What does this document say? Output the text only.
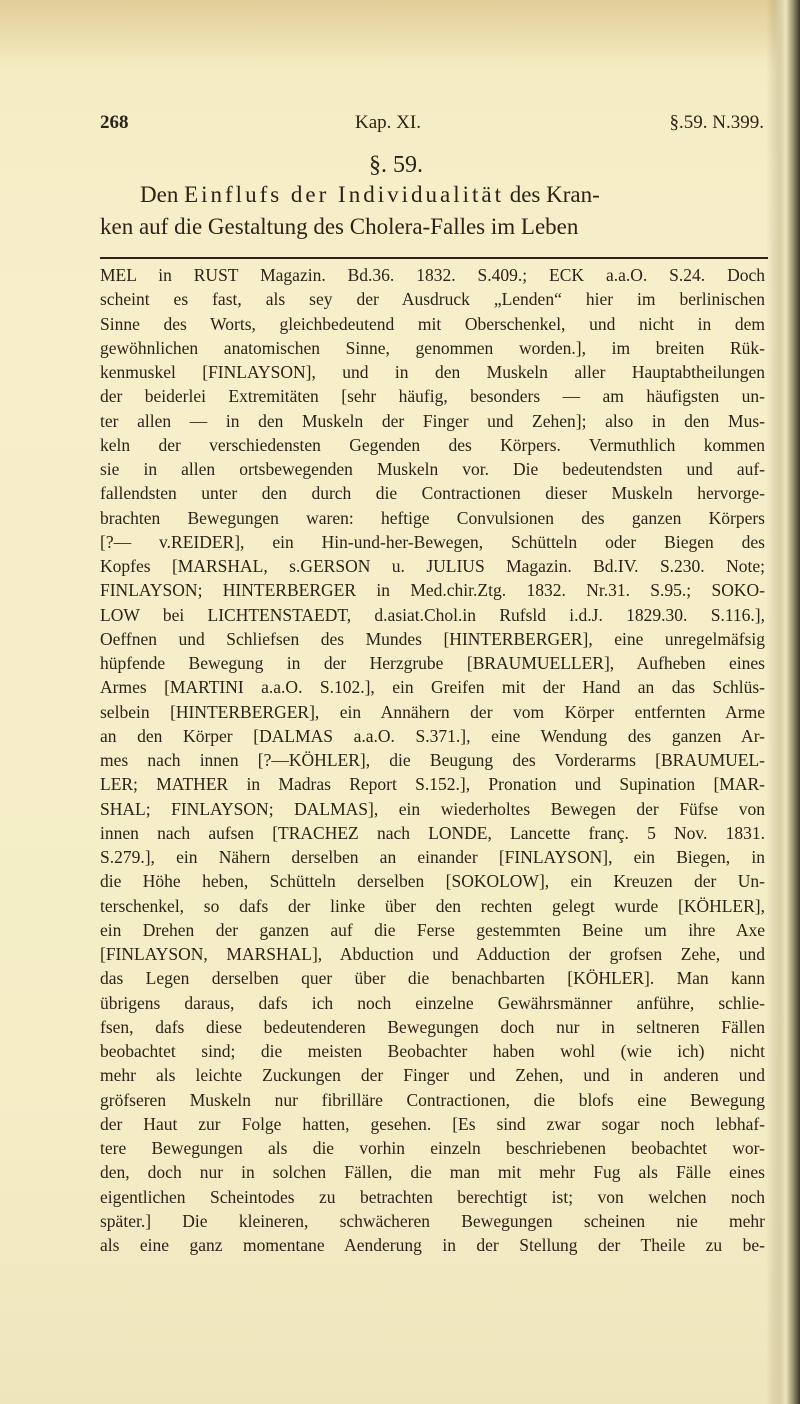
268	Kap. XI.	§.59. N.399.
§. 59.
Den Einflufs der Individualität des Kran-
ken auf die Gestaltung des Cholera-Falles im Leben
MEL in RUST Magazin. Bd.36. 1832. S.409.; ECK a.a.O. S.24. Doch
scheint es fast, als sey der Ausdruck „Lenden“ hier im berlinischen
Sinne des Worts, gleichbedeutend mit Oberschenkel, und nicht in dem
gewöhnlichen anatomischen Sinne, genommen worden.], im breiten Rük-
kenmuskel [FINLAYSON], und in den Muskeln aller Hauptabtheilungen
der beiderlei Extremitäten [sehr häufig, besonders — am häufigsten un-
ter allen — in den Muskeln der Finger und Zehen]; also in den Mus-
keln der verschiedensten Gegenden des Körpers. Vermuthlich kommen
sie in allen ortsbewegenden Muskeln vor. Die bedeutendsten und auf-
fallendsten unter den durch die Contractionen dieser Muskeln hervorge-
brachten Bewegungen waren: heftige Convulsionen des ganzen Körpers
[?— v.REIDER], ein Hin-und-her-Bewegen, Schütteln oder Biegen des
Kopfes [MARSHAL, s.GERSON u. JULIUS Magazin. Bd.IV. S.230. Note;
FINLAYSON; HINTERBERGER in Med.chir.Ztg. 1832. Nr.31. S.95.; SOKO-
LOW bei LICHTENSTAEDT, d.asiat.Chol.in Rufsld i.d.J. 1829.30. S.116.],
Oeffnen und Schliefsen des Mundes [HINTERBERGER], eine unregelmäfsig
hüpfende Bewegung in der Herzgrube [BRAUMUELLER], Aufheben eines
Armes [MARTINI a.a.O. S.102.], ein Greifen mit der Hand an das Schlüs-
selbein [HINTERBERGER], ein Annähern der vom Körper entfernten Arme
an den Körper [DALMAS a.a.O. S.371.], eine Wendung des ganzen Ar-
mes nach innen [?—KÖHLER], die Beugung des Vorderarms [BRAUMUEL-
LER; MATHER in Madras Report S.152.], Pronation und Supination [MAR-
SHAL; FINLAYSON; DALMAS], ein wiederholtes Bewegen der Füfse von
innen nach aufsen [TRACHEZ nach LONDE, Lancette franç. 5 Nov. 1831.
S.279.], ein Nähern derselben an einander [FINLAYSON], ein Biegen, in
die Höhe heben, Schütteln derselben [SOKOLOW], ein Kreuzen der Un-
terschenkel, so dafs der linke über den rechten gelegt wurde [KÖHLER],
ein Drehen der ganzen auf die Ferse gestemmten Beine um ihre Axe
[FINLAYSON, MARSHAL], Abduction und Adduction der grofsen Zehe, und
das Legen derselben quer über die benachbarten [KÖHLER]. Man kann
übrigens daraus, dafs ich noch einzelne Gewährsmänner anführe, schlie-
fsen, dafs diese bedeutenderen Bewegungen doch nur in seltneren Fällen
beobachtet sind; die meisten Beobachter haben wohl (wie ich) nicht
mehr als leichte Zuckungen der Finger und Zehen, und in anderen und
gröfseren Muskeln nur fibrilläre Contractionen, die blofs eine Bewegung
der Haut zur Folge hatten, gesehen. [Es sind zwar sogar noch lebhaf-
tere Bewegungen als die vorhin einzeln beschriebenen beobachtet wor-
den, doch nur in solchen Fällen, die man mit mehr Fug als Fälle eines
eigentlichen Scheintodes zu betrachten berechtigt ist; von welchen noch
später.] Die kleineren, schwächeren Bewegungen scheinen nie mehr
als eine ganz momentane Aenderung in der Stellung der Theile zu be-
